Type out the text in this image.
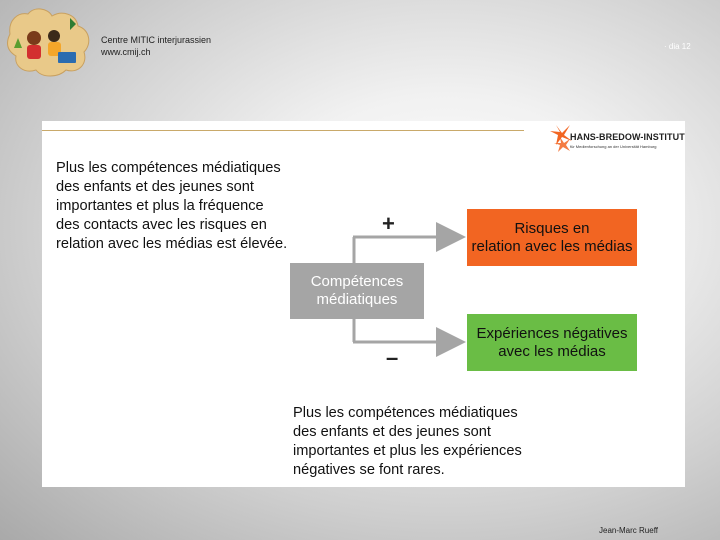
Centre MITIC interjurassien
www.cmij.ch
· dia 12
HANS-BREDOW-INSTITUT
für Medienforschung an der Universität Hamburg
Plus les compétences médiatiques
des enfants et des jeunes sont
importantes et plus la fréquence
des contacts avec les risques en
relation avec les médias est élevée.
Compétences
médiatiques
+
–
Risques en
relation avec les médias
Expériences négatives
avec les médias
Plus les compétences médiatiques
des enfants et des jeunes sont
importantes et plus les expériences
négatives se font rares.
Jean-Marc Rueff
